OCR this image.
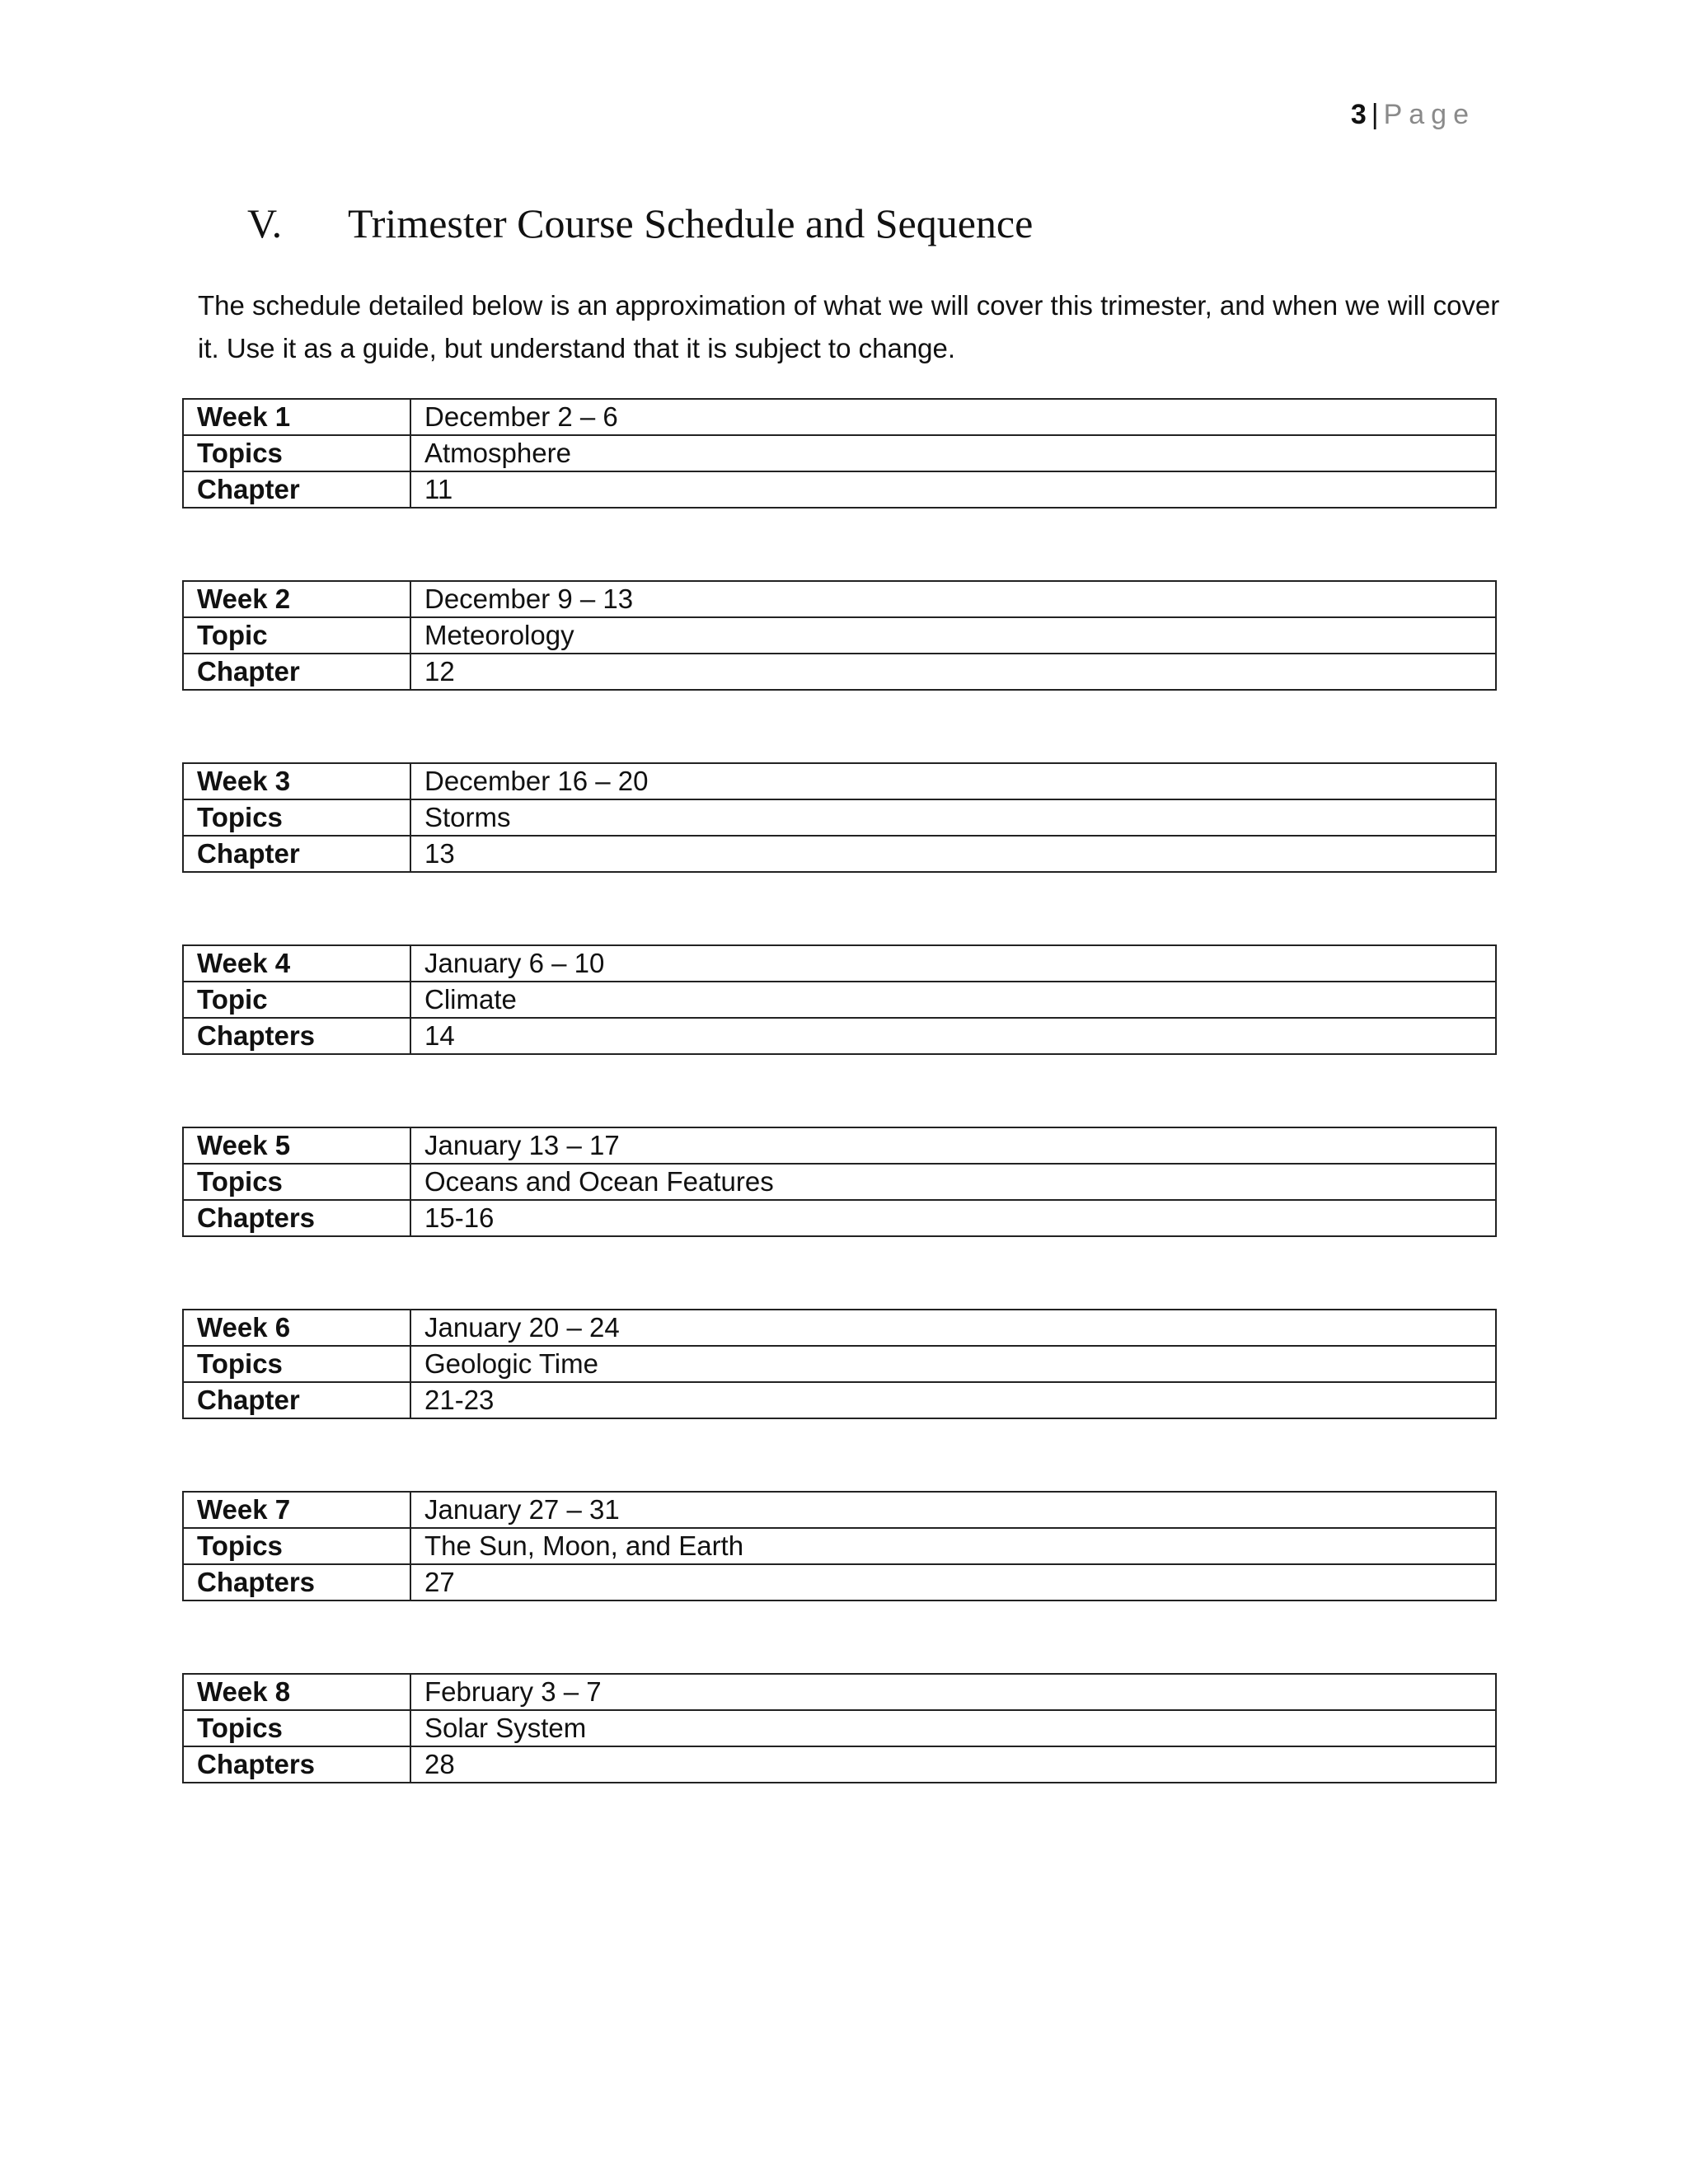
3 | Page
V. Trimester Course Schedule and Sequence
The schedule detailed below is an approximation of what we will cover this trimester, and when we will cover it. Use it as a guide, but understand that it is subject to change.
Week 1	December 2 – 6
Topics	Atmosphere
Chapter	11
Week 2	December 9 – 13
Topic	Meteorology
Chapter	12
Week 3	December 16 – 20
Topics	Storms
Chapter	13
Week 4	January 6 – 10
Topic	Climate
Chapters	14
Week 5	January 13 – 17
Topics	Oceans and Ocean Features
Chapters	15-16
Week 6	January 20 – 24
Topics	Geologic Time
Chapter	21-23
Week 7	January 27 – 31
Topics	The Sun, Moon, and Earth
Chapters	27
Week 8	February 3 – 7
Topics	Solar System
Chapters	28
